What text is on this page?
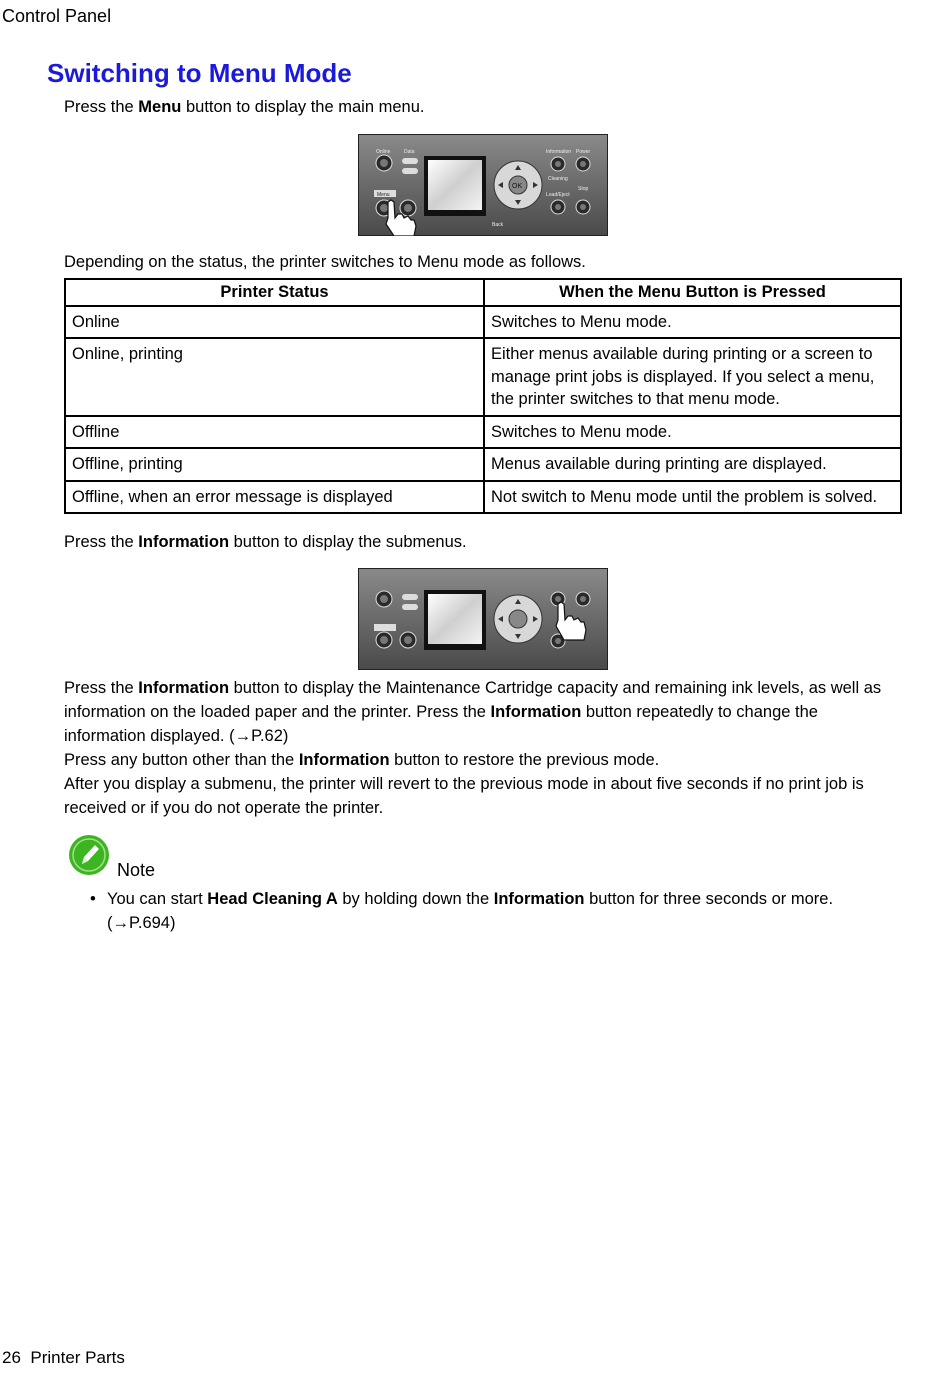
Control Panel
Switching to Menu Mode
Press the Menu button to display the main menu.
Online	Data
Menu
OK
Back
Information Power
Cleaning
Load/Eject
Stop
Depending on the status, the printer switches to Menu mode as follows.
Printer Status	When the Menu Button is Pressed
Online	Switches to Menu mode.
Online, printing	Either menus available during printing or a screen to manage print jobs is displayed. If you select a menu, the printer switches to that menu mode.
Offline	Switches to Menu mode.
Offline, printing	Menus available during printing are displayed.
Offline, when an error message is displayed	Not switch to Menu mode until the problem is solved.
Press the Information button to display the submenus.
Press the Information button to display the Maintenance Cartridge capacity and remaining ink levels, as well as information on the loaded paper and the printer. Press the Information button repeatedly to change the information displayed. (→P.62)
Press any button other than the Information button to restore the previous mode.
After you display a submenu, the printer will revert to the previous mode in about five seconds if no print job is received or if you do not operate the printer.
Note
• You can start Head Cleaning A by holding down the Information button for three seconds or more.
(→P.694)
26 Printer Parts
